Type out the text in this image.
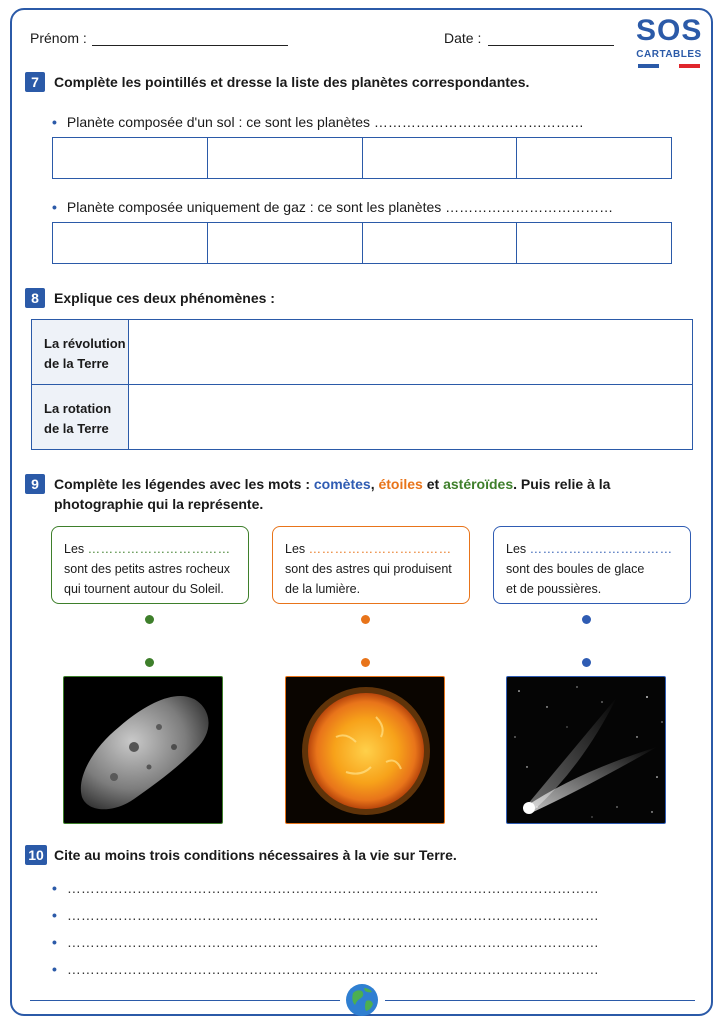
Prénom :	Date :	SOS
CARTABLES
7	Complète les pointillés et dresse la liste des planètes correspondantes.
• Planète composée d'un sol : ce sont les planètes ………………………………………
• Planète composée uniquement de gaz : ce sont les planètes ………………………………
8	Explique ces deux phénomènes :
La révolution
de la Terre
La rotation
de la Terre
9	Complète les légendes avec les mots : comètes, étoiles et astéroïdes. Puis relie à la
photographie qui la représente.
Les ……………………………
sont des petits astres rocheux
qui tournent autour du Soleil.
Les ……………………………
sont des astres qui produisent
de la lumière.
Les ……………………………
sont des boules de glace
et de poussières.
10 Cite au moins trois conditions nécessaires à la vie sur Terre.
• ……………………………………………………………………………………………………
• ……………………………………………………………………………………………………
• ……………………………………………………………………………………………………
• ……………………………………………………………………………………………………
